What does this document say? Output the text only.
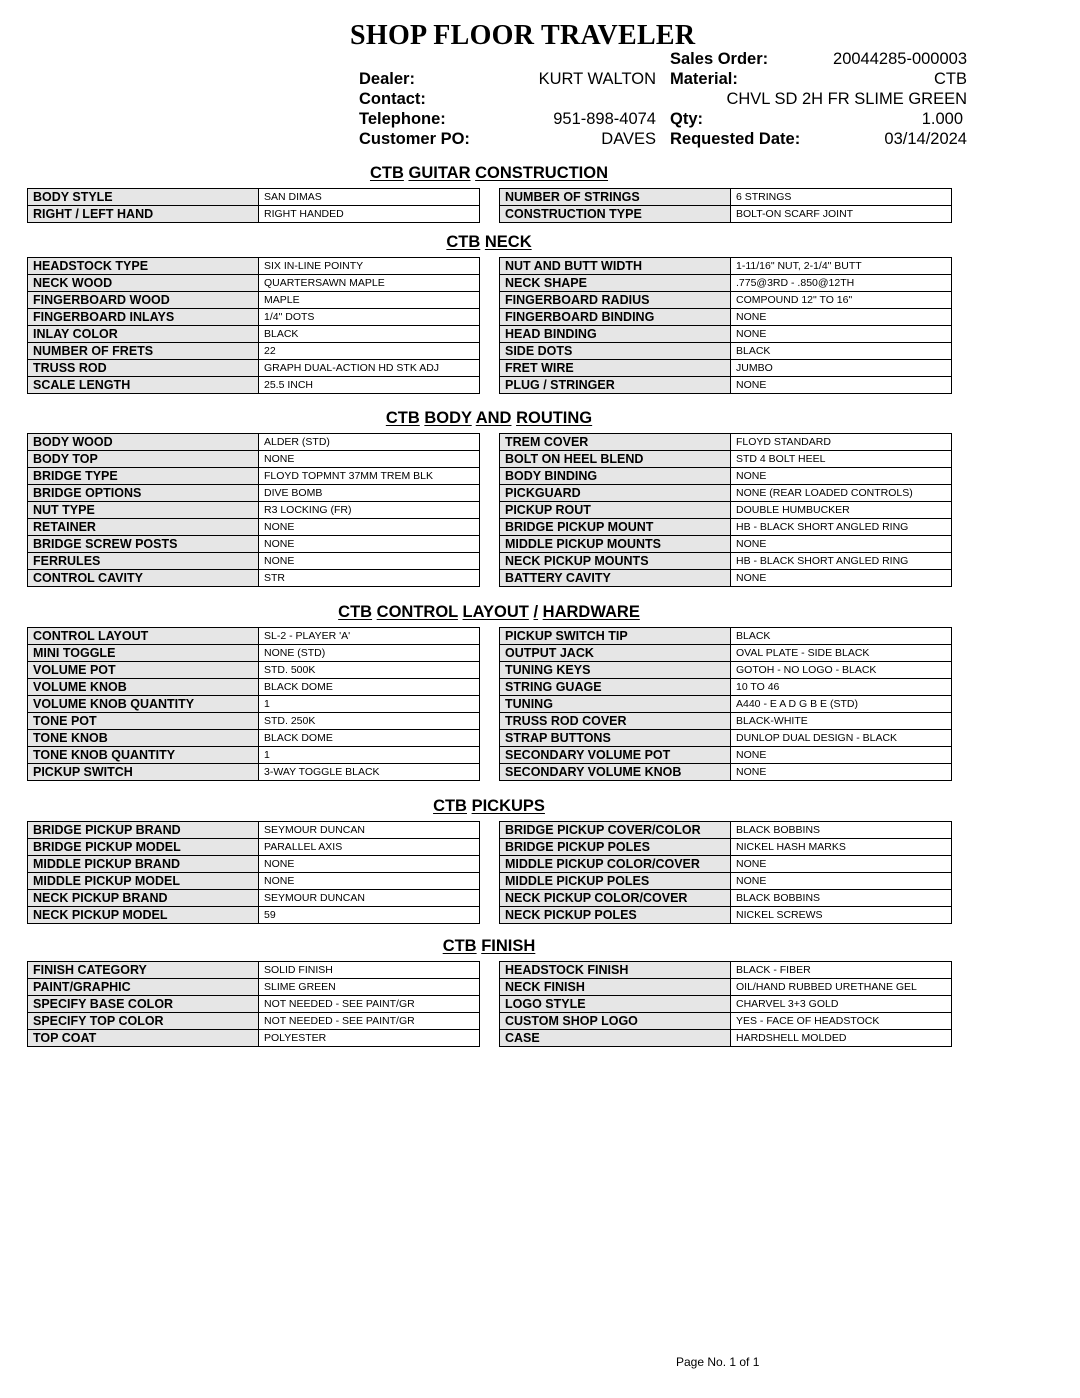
SHOP FLOOR TRAVELER
Dealer:	KURT WALTON
Contact:
Telephone:	951-898-4074
Customer PO:	DAVES
Sales Order:	20044285-000003
Material:	CTB
CHVL SD 2H FR SLIME GREEN
Qty:	1.000
Requested Date:	03/14/2024
CTB GUITAR CONSTRUCTION
BODY STYLE	SAN DIMAS
RIGHT / LEFT HAND	RIGHT HANDED
NUMBER OF STRINGS	6 STRINGS
CONSTRUCTION TYPE	BOLT-ON SCARF JOINT
CTB NECK
HEADSTOCK TYPE	SIX IN-LINE POINTY
NECK WOOD	QUARTERSAWN MAPLE
FINGERBOARD WOOD	MAPLE
FINGERBOARD INLAYS	1/4" DOTS
INLAY COLOR	BLACK
NUMBER OF FRETS	22
TRUSS ROD	GRAPH DUAL-ACTION HD STK ADJ
SCALE LENGTH	25.5 INCH
NUT AND BUTT WIDTH	1-11/16" NUT, 2-1/4" BUTT
NECK SHAPE	.775@3RD - .850@12TH
FINGERBOARD RADIUS	COMPOUND 12" TO 16"
FINGERBOARD BINDING	NONE
HEAD BINDING	NONE
SIDE DOTS	BLACK
FRET WIRE	JUMBO
PLUG / STRINGER	NONE
CTB BODY AND ROUTING
BODY WOOD	ALDER (STD)
BODY TOP	NONE
BRIDGE TYPE	FLOYD TOPMNT 37MM TREM BLK
BRIDGE OPTIONS	DIVE BOMB
NUT TYPE	R3 LOCKING (FR)
RETAINER	NONE
BRIDGE SCREW POSTS	NONE
FERRULES	NONE
CONTROL CAVITY	STR
TREM COVER	FLOYD STANDARD
BOLT ON HEEL BLEND	STD 4 BOLT HEEL
BODY BINDING	NONE
PICKGUARD	NONE (REAR LOADED CONTROLS)
PICKUP ROUT	DOUBLE HUMBUCKER
BRIDGE PICKUP MOUNT	HB - BLACK SHORT ANGLED RING
MIDDLE PICKUP MOUNTS	NONE
NECK PICKUP MOUNTS	HB - BLACK SHORT ANGLED RING
BATTERY CAVITY	NONE
CTB CONTROL LAYOUT / HARDWARE
CONTROL LAYOUT	SL-2 - PLAYER 'A'
MINI TOGGLE	NONE (STD)
VOLUME POT	STD. 500K
VOLUME KNOB	BLACK DOME
VOLUME KNOB QUANTITY	1
TONE POT	STD. 250K
TONE KNOB	BLACK DOME
TONE KNOB QUANTITY	1
PICKUP SWITCH	3-WAY TOGGLE BLACK
PICKUP SWITCH TIP	BLACK
OUTPUT JACK	OVAL PLATE - SIDE BLACK
TUNING KEYS	GOTOH - NO LOGO - BLACK
STRING GUAGE	10 TO 46
TUNING	A440 - E A D G B E (STD)
TRUSS ROD COVER	BLACK-WHITE
STRAP BUTTONS	DUNLOP DUAL DESIGN - BLACK
SECONDARY VOLUME POT	NONE
SECONDARY VOLUME KNOB	NONE
CTB PICKUPS
BRIDGE PICKUP BRAND	SEYMOUR DUNCAN
BRIDGE PICKUP MODEL	PARALLEL AXIS
MIDDLE PICKUP BRAND	NONE
MIDDLE PICKUP MODEL	NONE
NECK PICKUP BRAND	SEYMOUR DUNCAN
NECK PICKUP MODEL	59
BRIDGE PICKUP COVER/COLOR	BLACK BOBBINS
BRIDGE PICKUP POLES	NICKEL HASH MARKS
MIDDLE PICKUP COLOR/COVER	NONE
MIDDLE PICKUP POLES	NONE
NECK PICKUP COLOR/COVER	BLACK BOBBINS
NECK PICKUP POLES	NICKEL SCREWS
CTB FINISH
FINISH CATEGORY	SOLID FINISH
PAINT/GRAPHIC	SLIME GREEN
SPECIFY BASE COLOR	NOT NEEDED - SEE PAINT/GR
SPECIFY TOP COLOR	NOT NEEDED - SEE PAINT/GR
TOP COAT	POLYESTER
HEADSTOCK FINISH	BLACK - FIBER
NECK FINISH	OIL/HAND RUBBED URETHANE GEL
LOGO STYLE	CHARVEL 3+3 GOLD
CUSTOM SHOP LOGO	YES - FACE OF HEADSTOCK
CASE	HARDSHELL MOLDED
Page No. 1 of 1
